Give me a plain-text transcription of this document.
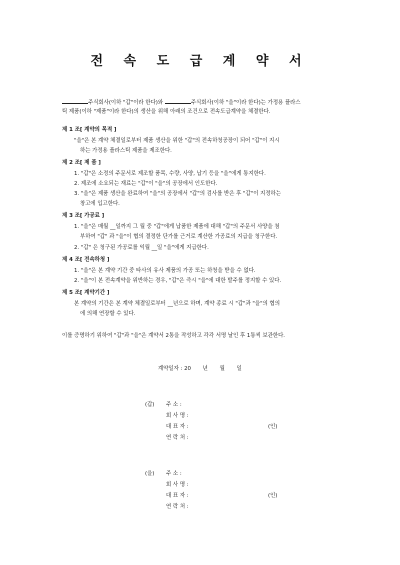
전 속 도 급 계 약 서
주식회사(이하 "갑"이라 한다)와	주식회사(이하 "을"이라 한다)는 가정용 플라스
틱 제품(이하 "제품"이라 한다)의 생산을 위해 아래의 조건으로 전속도급계약을 체결한다.
제 1 조[ 계약의 목적 ]
"을"은 본 계약 체결일로부터 제품 생산을 위한 "갑"의 전속하청공장이 되어 "갑"이 지시
하는 가정용 플라스틱 제품을 제조한다.
제 2 조[ 제 품 ]
1. "갑"은 소정의 주문서로 제조할 품목, 수량, 사양, 납기 등을 "을"에게 통지한다.
2. 제조에 소요되는 재료는 "갑"이 "을"의 공장에서 인도한다.
3. "을"은 제품 생산을 완료하여 "을"의 공장에서 "갑"의 검사를 받은 후 "갑"이 지정하는
창고에 입고한다.
제 3 조[ 가공료 ]
1. "을"은 매월 __일까지 그 월 중 "갑"에게 납품한 제품에 대해 "갑"의 주문서 사양을 첨
부하여 "갑" 과 "을"이 협의 결정한 단가를 근거로 계산한 가공료의 지급을 청구한다.
2. "갑" 은 청구된 가공료를 익월 __일 "을"에게 지급한다.
제 4 조[ 전속하청 ]
1. "을"은 본 계약 기간 중 타사의 유사 제품의 가공 또는 하청을 받을 수 없다.
2. "을"이 본 전속계약을 위반하는 경우, "갑"은 즉시 "을"에 대한 발주를 정지할 수 있다.
제 5 조[ 계약기간 ]
본 계약의 기간은 본 계약 체결일로부터 __년으로 하며, 계약 종료 시 "갑"과 "을"의 협의
에 의해 연장할 수 있다.
이를 증명하기 위하여 "갑"과 "을"은 계약서 2통을 작성하고 각각 서명 날인 후 1통씩 보관한다.
계약일자 : 20 년 월 일
(갑) 주 소 :
회 사 명 :
대 표 자 :	(인)
연 락 처 :
(을) 주 소 :
회 사 명 :
대 표 자 :	(인)
연 락 처 :
